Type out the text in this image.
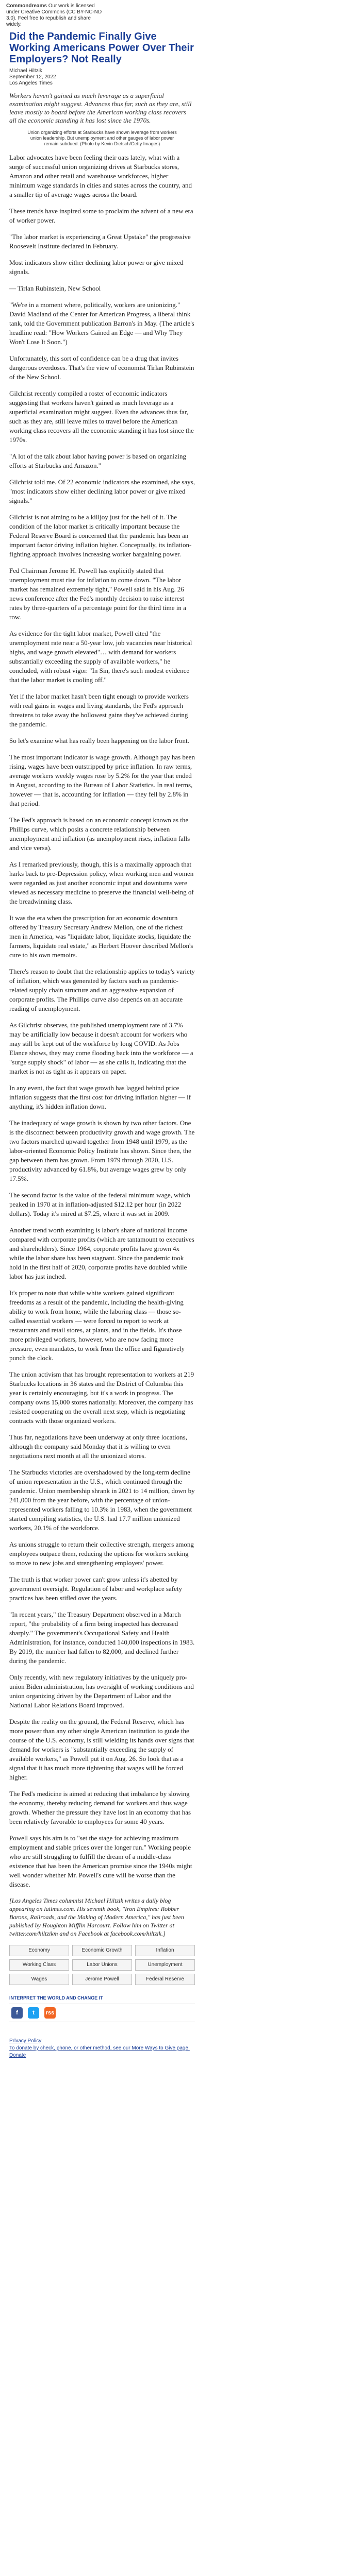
Commondreams Our work is licensed under Creative Commons (CC BY-NC-ND 3.0). Feel free to republish and share widely.
Did the Pandemic Finally Give Working Americans Power Over Their Employers? Not Really
Michael Hiltzik
September 12, 2022
Los Angeles Times

Workers haven't gained as much leverage as a superficial examination might suggest. Advances thus far, such as they are, still leave mostly to board before the American working class recovers all the economic standing it has lost since the 1970s.

Union organizing efforts at Starbucks have shown leverage from workers union leadership. But unemployment and other gauges of labor power remain subdued. (Photo by Kevin Dietsch/Getty Images)

Labor advocates have been feeling their oats lately, what with a surge of successful union organizing drives at Starbucks stores, Amazon and other retail and warehouse workforces, higher minimum wage standards in cities and states across the country, and a smaller tip of average wages across the board.

These trends have inspired some to proclaim the advent of a new era of worker power.

"The labor market is experiencing a Great Upstake" the progressive Roosevelt Institute declared in February.

Most indicators show either declining labor power or give mixed signals.

— Tirlan Rubinstein, New School

"We're in a moment where, politically, workers are unionizing." David Madland of the Center for American Progress, a liberal think tank, told the Government publication Barron's in May. (The article's headline read: "How Workers Gained an Edge — and Why They Won't Lose It Soon.")

Unfortunately, this sort of confidence can be a drug that invites dangerous overdoses. That's the view of economist Tirlan Rubinstein of the New School.

Gilchrist recently compiled a roster of economic indicators suggesting that workers haven't gained as much leverage as a superficial examination might suggest. Even the advances thus far, such as they are, still leave miles to travel before the American working class recovers all the economic standing it has lost since the 1970s.

"A lot of the talk about labor having power is based on organizing efforts at Starbucks and Amazon."

Gilchrist told me. Of 22 economic indicators she examined, she says, "most indicators show either declining labor power or give mixed signals."

Gilchrist is not aiming to be a killjoy just for the hell of it. The condition of the labor market is critically important because the Federal Reserve Board is concerned that the pandemic has been an important factor driving inflation higher. Conceptually, its inflation-fighting approach involves increasing worker bargaining power.

Fed Chairman Jerome H. Powell has explicitly stated that unemployment must rise for inflation to come down. "The labor market has remained extremely tight," Powell said in his Aug. 26 news conference after the Fed's monthly decision to raise interest rates by three-quarters of a percentage point for the third time in a row.

As evidence for the tight labor market, Powell cited "the unemployment rate near a 50-year low, job vacancies near historical highs, and wage growth elevated"… with demand for workers substantially exceeding the supply of available workers," he concluded, with robust vigor. "In Sin, there's such modest evidence that the labor market is cooling off."

Yet if the labor market hasn't been tight enough to provide workers with real gains in wages and living standards, the Fed's approach threatens to take away the hollowest gains they've achieved during the pandemic.

So let's examine what has really been happening on the labor front.

The most important indicator is wage growth. Although pay has been rising, wages have been outstripped by price inflation. In raw terms, average workers weekly wages rose by 5.2% for the year that ended in August, according to the Bureau of Labor Statistics. In real terms, however — that is, accounting for inflation — they fell by 2.8% in that period.

The Fed's approach is based on an economic concept known as the Phillips curve, which posits a concrete relationship between unemployment and inflation (as unemployment rises, inflation falls and vice versa).

As I remarked previously, though, this is a maximally approach that harks back to pre-Depression policy, when working men and women were regarded as just another economic input and downturns were viewed as necessary medicine to preserve the financial well-being of the breadwinning class.

It was the era when the prescription for an economic downturn offered by Treasury Secretary Andrew Mellon, one of the richest men in America, was "liquidate labor, liquidate stocks, liquidate the farmers, liquidate real estate," as Herbert Hoover described Mellon's cure to his own memoirs.

There's reason to doubt that the relationship applies to today's variety of inflation, which was generated by factors such as pandemic-related supply chain structure and an aggressive expansion of corporate profits. The Phillips curve also depends on an accurate reading of unemployment.

As Gilchrist observes, the published unemployment rate of 3.7% may be artificially low because it doesn't account for workers who may still be kept out of the workforce by long COVID. As Jobs Elance shows, they may come flooding back into the workforce — a "surge supply shock" of labor — as she calls it, indicating that the market is not as tight as it appears on paper.

In any event, the fact that wage growth has lagged behind price inflation suggests that the first cost for driving inflation higher — if anything, it's hidden inflation down.

The inadequacy of wage growth is shown by two other factors. One is the disconnect between productivity growth and wage growth. The two factors marched upward together from 1948 until 1979, as the labor-oriented Economic Policy Institute has shown. Since then, the gap between them has grown. From 1979 through 2020, U.S. productivity advanced by 61.8%, but average wages grew by only 17.5%.

The second factor is the value of the federal minimum wage, which peaked in 1970 at in inflation-adjusted $12.12 per hour (in 2022 dollars). Today it's mired at $7.25, where it was set in 2009.

Another trend worth examining is labor's share of national income compared with corporate profits (which are tantamount to executives and shareholders). Since 1964, corporate profits have grown 4x while the labor share has been stagnant. Since the pandemic took hold in the first half of 2020, corporate profits have doubled while labor has just inched.

It's proper to note that while white workers gained significant freedoms as a result of the pandemic, including the health-giving ability to work from home, while the laboring class — those so-called essential workers — were forced to report to work at restaurants and retail stores, at plants, and in the fields. It's those more privileged workers, however, who are now facing more pressure, even mandates, to work from the office and figuratively punch the clock.

The union activism that has brought representation to workers at 219 Starbucks locations in 36 states and the District of Columbia this year is certainly encouraging, but it's a work in progress. The company owns 15,000 stores nationally. Moreover, the company has resisted cooperating on the overall next step, which is negotiating contracts with those organized workers.

Thus far, negotiations have been underway at only three locations, although the company said Monday that it is willing to even negotiations next month at all the unionized stores.

The Starbucks victories are overshadowed by the long-term decline of union representation in the U.S., which continued through the pandemic. Union membership shrank in 2021 to 14 million, down by 241,000 from the year before, with the percentage of union-represented workers falling to 10.3% in 1983, when the government started compiling statistics, the U.S. had 17.7 million unionized workers, 20.1% of the workforce.

As unions struggle to return their collective strength, mergers among employees outpace them, reducing the options for workers seeking to move to new jobs and strengthening employers' power.

The truth is that worker power can't grow unless it's abetted by government oversight. Regulation of labor and workplace safety practices has been stifled over the years.

"In recent years," the Treasury Department observed in a March report, "the probability of a firm being inspected has decreased sharply." The government's Occupational Safety and Health Administration, for instance, conducted 140,000 inspections in 1983. By 2019, the number had fallen to 82,000, and declined further during the pandemic.

Only recently, with new regulatory initiatives by the uniquely pro-union Biden administration, has oversight of working conditions and union organizing driven by the Department of Labor and the National Labor Relations Board improved.

Despite the reality on the ground, the Federal Reserve, which has more power than any other single American institution to guide the course of the U.S. economy, is still wielding its hands over signs that demand for workers is "substantially exceeding the supply of available workers," as Powell put it on Aug. 26. So look that as a signal that it has much more tightening that wages will be forced higher.

The Fed's medicine is aimed at reducing that imbalance by slowing the economy, thereby reducing demand for workers and thus wage growth. Whether the pressure they have lost in an economy that has been relatively favorable to employees for some 40 years.

Powell says his aim is to "set the stage for achieving maximum employment and stable prices over the longer run." Working people who are still struggling to fulfill the dream of a middle-class existence that has been the American promise since the 1940s might well wonder whether Mr. Powell's cure will be worse than the disease.

[Los Angeles Times columnist Michael Hiltzik writes a daily blog appearing on latimes.com. His seventh book, "Iron Empires: Robber Barons, Railroads, and the Making of Modern America," has just been published by Houghton Mifflin Harcourt. Follow him on Twitter at twitter.com/hiltzikm and on Facebook at facebook.com/hiltzik.]

Economy	Economic Growth	Inflation
Working Class	Labor Unions	Unemployment
Wages	Jerome Powell	Federal Reserve
INTERPRET THE WORLD AND CHANGE IT
f	t	rss
Privacy Policy
To donate by check, phone, or other method, see our More Ways to Give page.
Donate
